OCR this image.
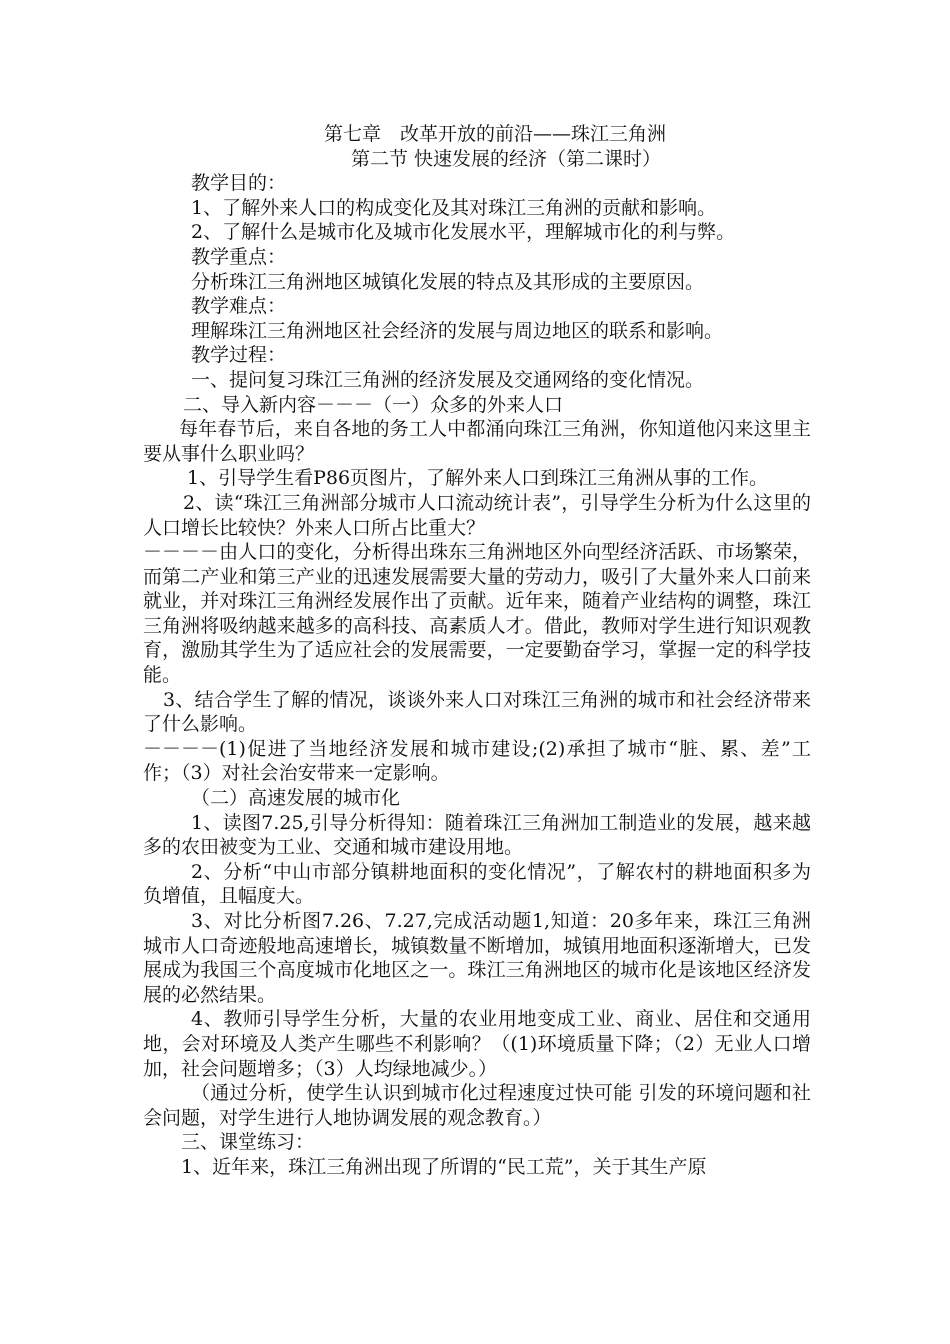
第七章　改革开放的前沿——珠江三角洲
第二节 快速发展的经济（第二课时）

教学目的：

1、了解外来人口的构成变化及其对珠江三角洲的贡献和影响。

2、了解什么是城市化及城市化发展水平，理解城市化的利与弊。

教学重点：

分析珠江三角洲地区城镇化发展的特点及其形成的主要原因。

教学难点：

理解珠江三角洲地区社会经济的发展与周边地区的联系和影响。

教学过程：

一、提问复习珠江三角洲的经济发展及交通网络的变化情况。

二、导入新内容－－－（一）众多的外来人口

每年春节后，来自各地的务工人中都涌向珠江三角洲，你知道他闪来这里主要从事什么职业吗？

1、引导学生看P86页图片，了解外来人口到珠江三角洲从事的工作。

2、读“珠江三角洲部分城市人口流动统计表”，引导学生分析为什么这里的人口增长比较快？外来人口所占比重大？

－－－－由人口的变化，分析得出珠东三角洲地区外向型经济活跃、市场繁荣，而第二产业和第三产业的迅速发展需要大量的劳动力，吸引了大量外来人口前来就业，并对珠江三角洲经发展作出了贡献。近年来，随着产业结构的调整，珠江三角洲将吸纳越来越多的高科技、高素质人才。借此，教师对学生进行知识观教育，激励其学生为了适应社会的发展需要，一定要勤奋学习，掌握一定的科学技能。

3、结合学生了解的情况，谈谈外来人口对珠江三角洲的城市和社会经济带来了什么影响。

－－－－(1)促进了当地经济发展和城市建设;(2)承担了城市“脏、累、差”工作；（3）对社会治安带来一定影响。

（二）高速发展的城市化

1、读图7.25,引导分析得知：随着珠江三角洲加工制造业的发展，越来越多的农田被变为工业、交通和城市建设用地。

2、分析“中山市部分镇耕地面积的变化情况”，了解农村的耕地面积多为负增值，且幅度大。

3、对比分析图7.26、7.27,完成活动题1,知道：20多年来，珠江三角洲城市人口奇迹般地高速增长，城镇数量不断增加，城镇用地面积逐渐增大，已发展成为我国三个高度城市化地区之一。珠江三角洲地区的城市化是该地区经济发展的必然结果。

4、教师引导学生分析，大量的农业用地变成工业、商业、居住和交通用地，会对环境及人类产生哪些不利影响？（(1)环境质量下降；（2）无业人口增加，社会问题增多；（3）人均绿地减少。）

（通过分析，使学生认识到城市化过程速度过快可能 引发的环境问题和社会问题，对学生进行人地协调发展的观念教育。）

三、课堂练习：

1、近年来，珠江三角洲出现了所谓的“民工荒”，关于其生产原
